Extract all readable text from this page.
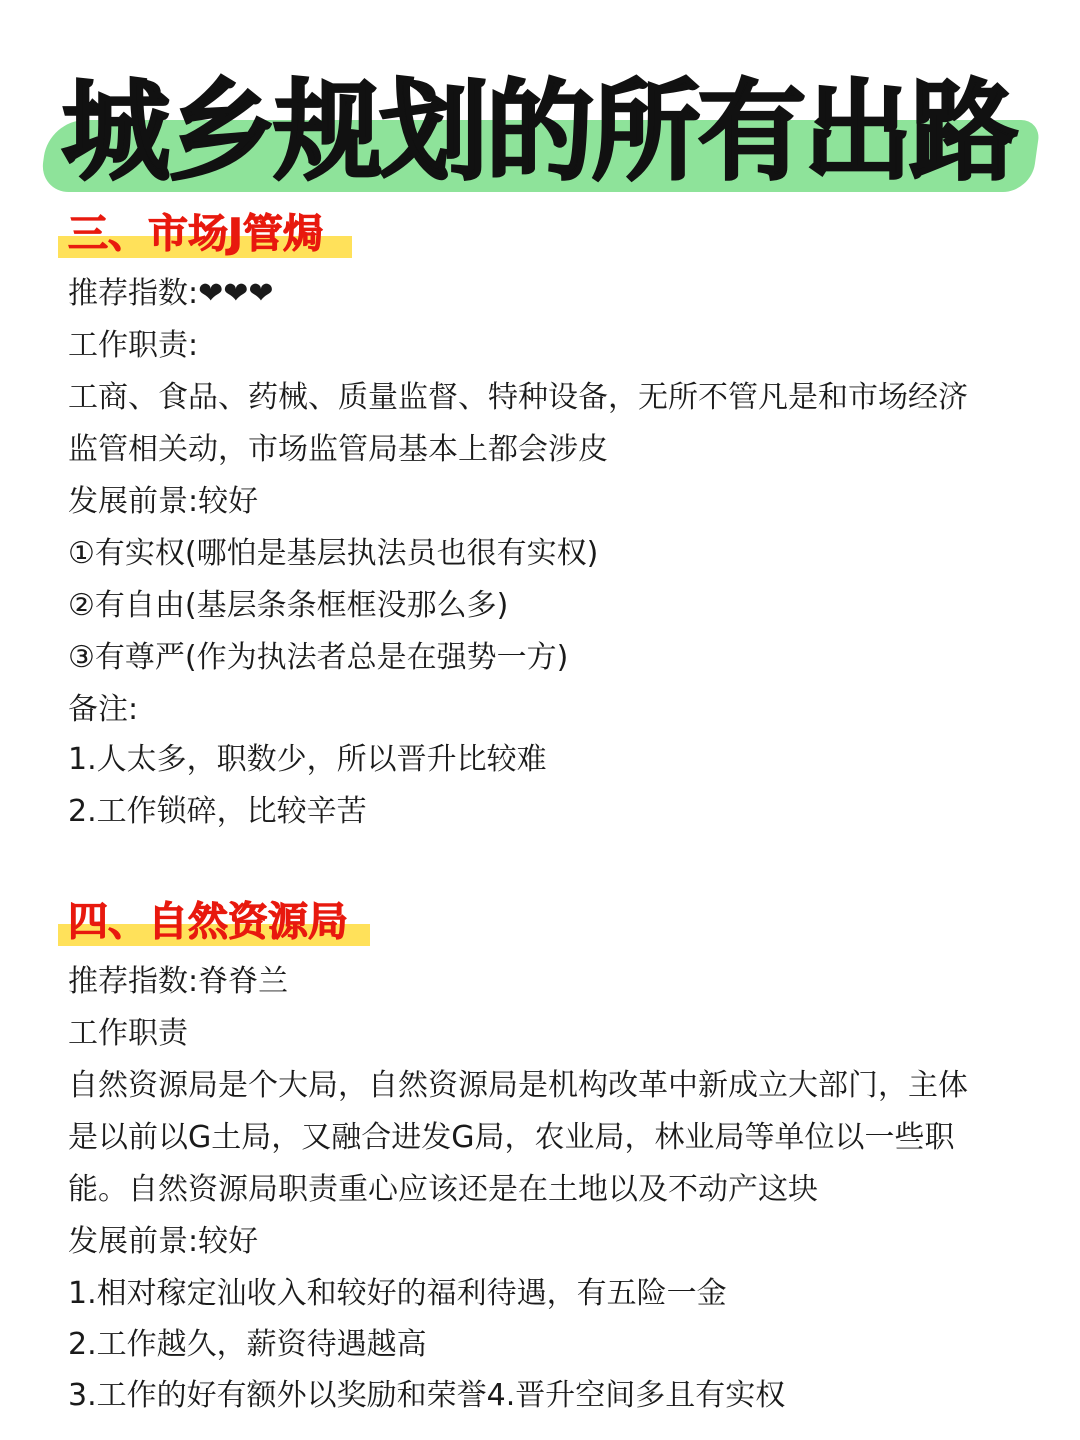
城乡规划的所有出路
三、市场J管焗
推荐指数:❤❤❤
工作职责:
工商、食品、药械、质量监督、特种设备，无所不管凡是和市场经济
监管相关动，市场监管局基本上都会涉皮
发展前景:较好
①有实权(哪怕是基层执法员也很有实权)
②有自由(基层条条框框没那么多)
③有尊严(作为执法者总是在强势一方)
备注:
1.人太多，职数少，所以晋升比较难
2.工作锁碎，比较辛苦
四、自然资源局
推荐指数:脊脊兰
工作职责
自然资源局是个大局，自然资源局是机构改革中新成立大部门，主体
是以前以G土局，又融合进发G局，农业局，林业局等单位以一些职
能。自然资源局职责重心应该还是在土地以及不动产这块
发展前景:较好
1.相对稼定汕收入和较好的福利待遇，有五险一金
2.工作越久，薪资待遇越高
3.工作的好有额外以奖励和荣誉4.晋升空间多且有实权
